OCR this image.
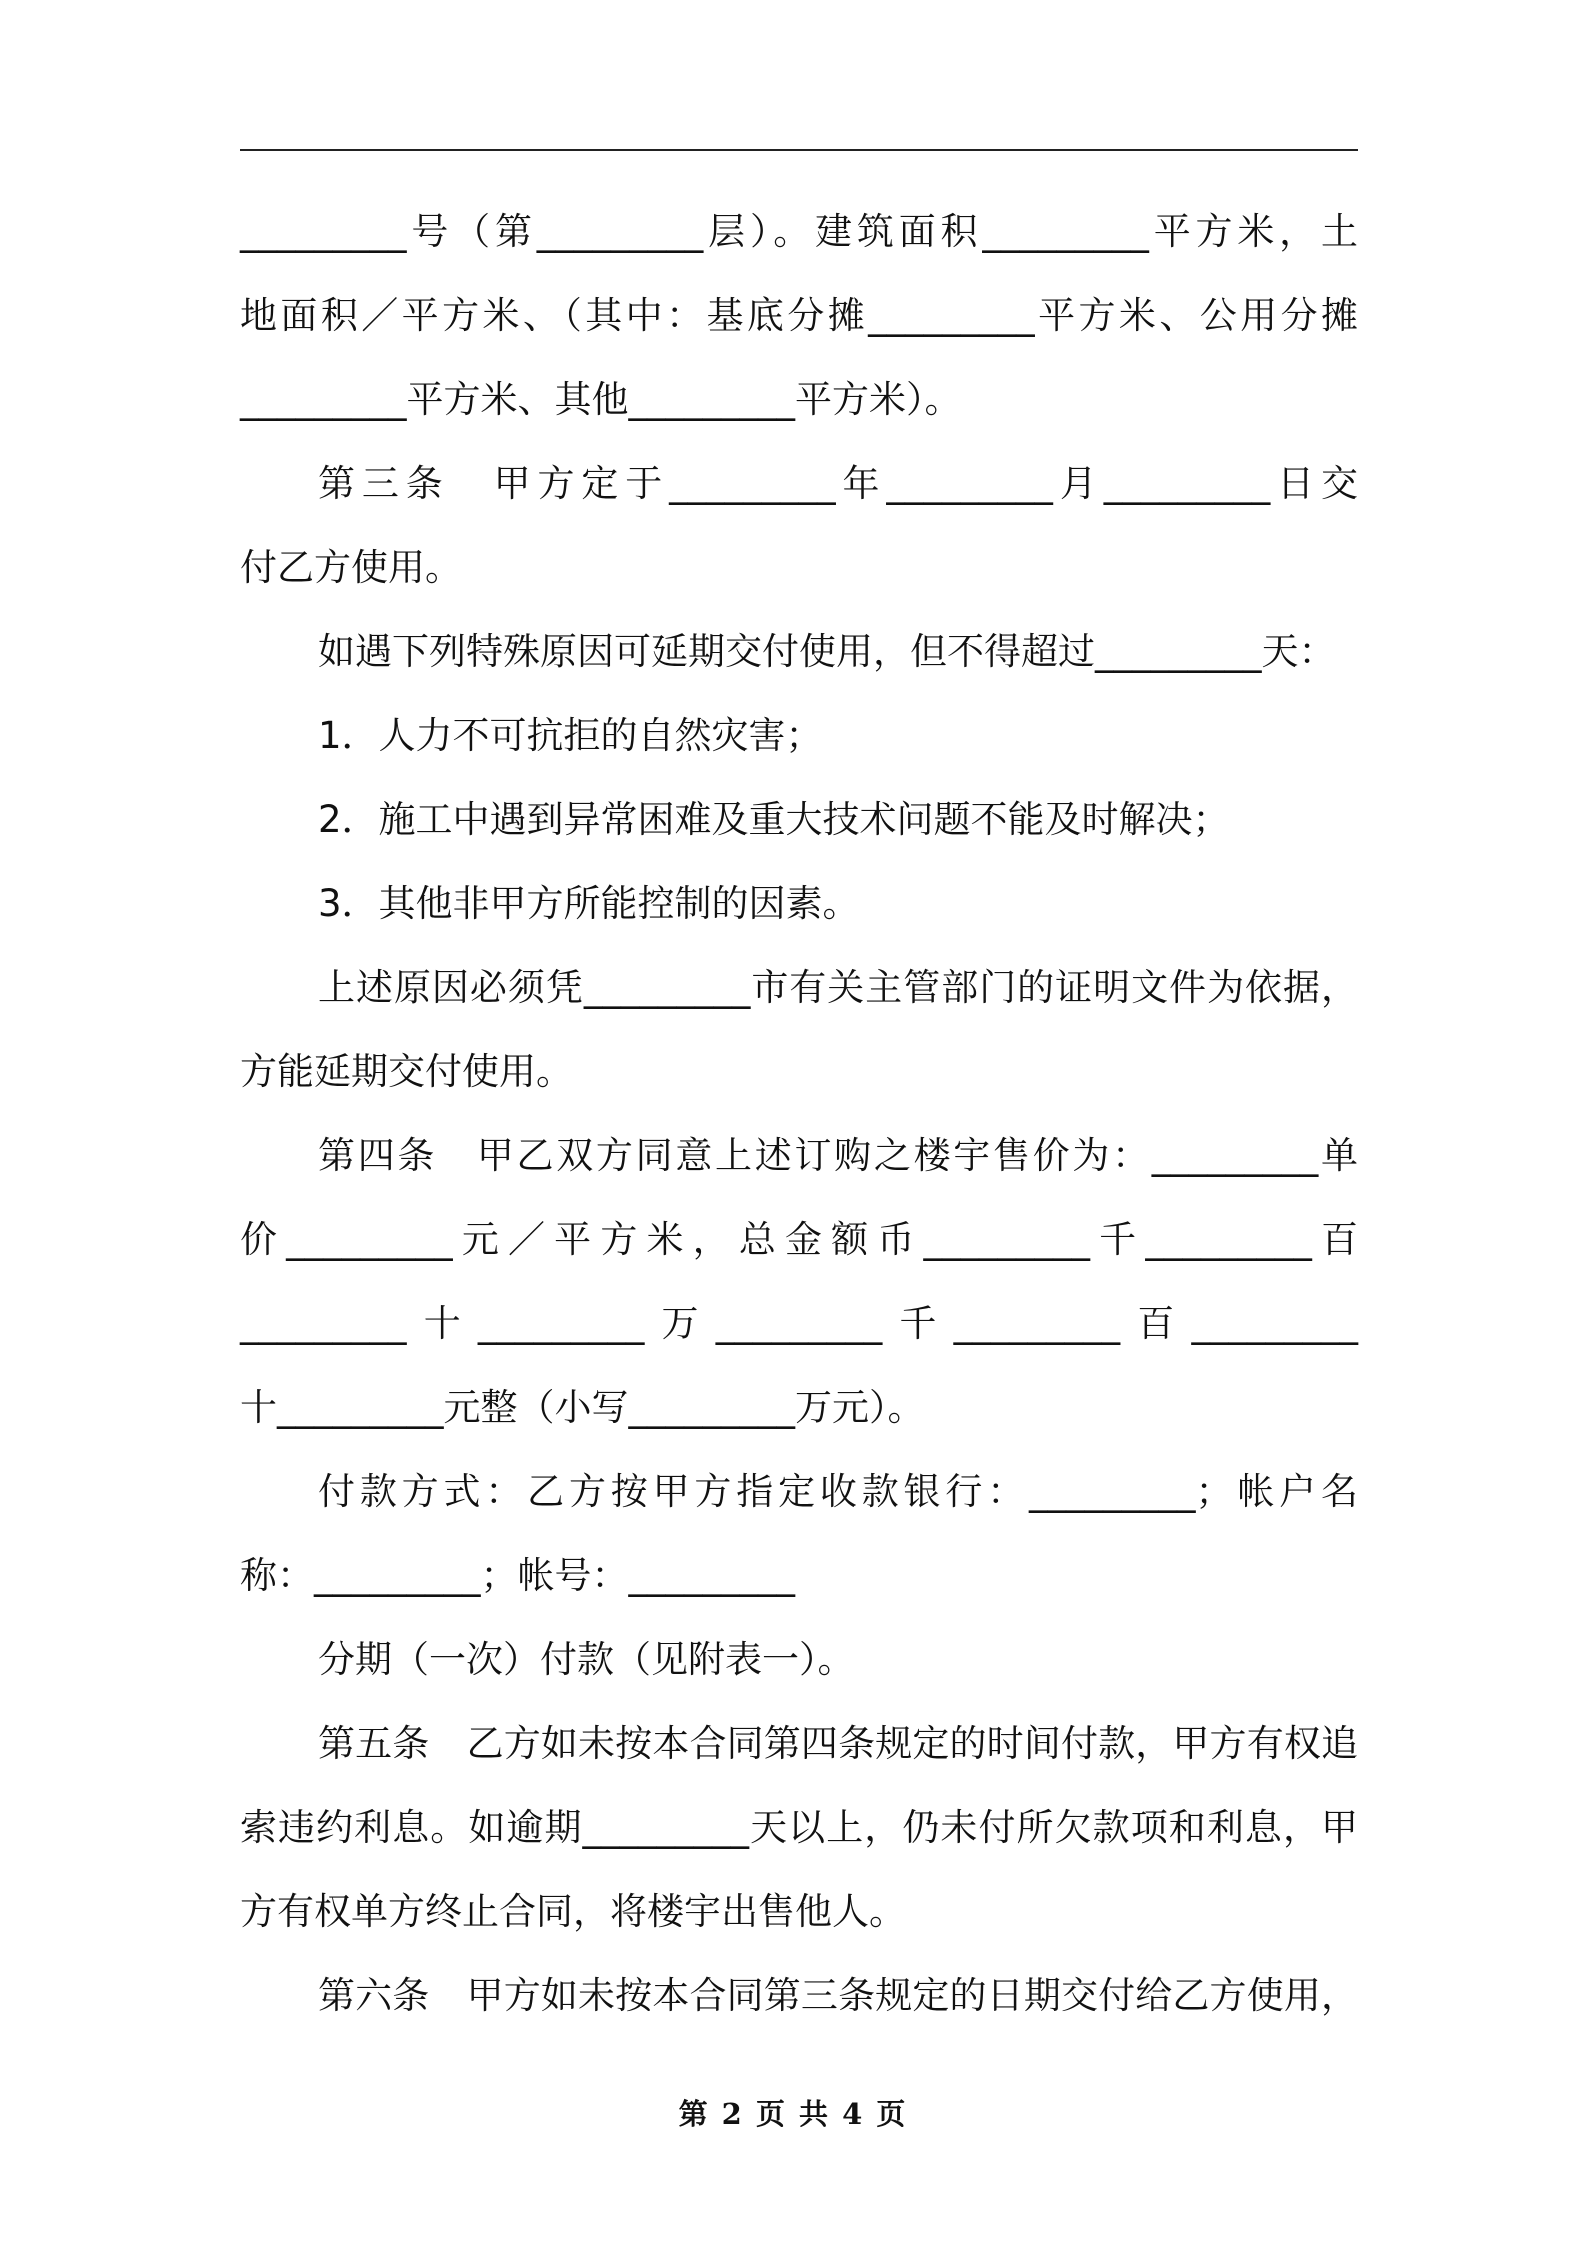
_________号（第_________层）。建筑面积_________平方米，土
地面积／平方米、（其中：基底分摊_________平方米、公用分摊
_________平方米、其他_________平方米）。
第三条　甲方定于_________年_________月_________日交
付乙方使用。
如遇下列特殊原因可延期交付使用，但不得超过_________天：
1．人力不可抗拒的自然灾害；
2．施工中遇到异常困难及重大技术问题不能及时解决；
3．其他非甲方所能控制的因素。
上述原因必须凭_________市有关主管部门的证明文件为依据，
方能延期交付使用。
第四条　甲乙双方同意上述订购之楼宇售价为：_________单
价_________元／平方米，总金额币_________千_________百
_________十_________万_________千_________百_________
十_________元整（小写_________万元）。
付款方式：乙方按甲方指定收款银行：_________；帐户名
称：_________；帐号：_________
分期（一次）付款（见附表一）。
第五条　乙方如未按本合同第四条规定的时间付款，甲方有权追
索违约利息。如逾期_________天以上，仍未付所欠款项和利息，甲
方有权单方终止合同，将楼宇出售他人。
第六条　甲方如未按本合同第三条规定的日期交付给乙方使用，
第 2 页 共 4 页
